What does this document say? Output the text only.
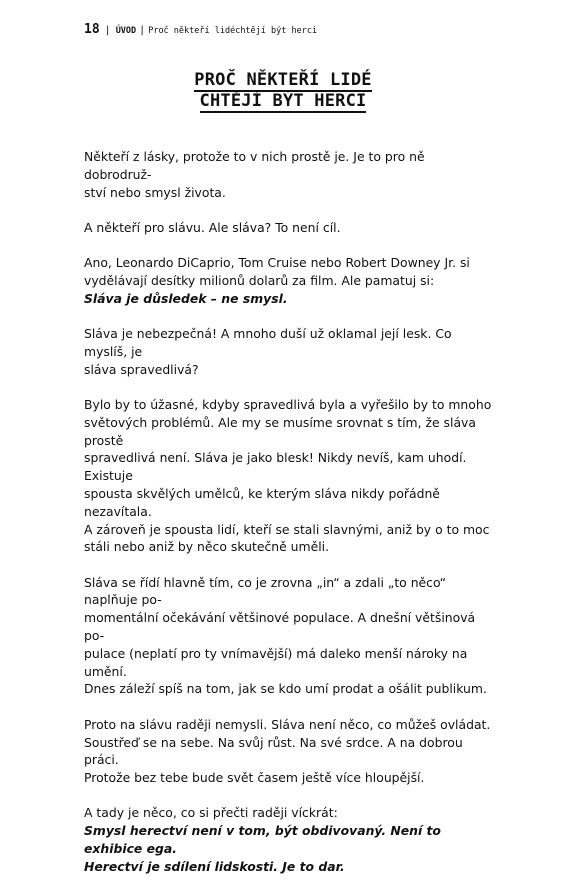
18 | ÚVOD | Proč někteří lidéchtějí být herci
PROČ NĚKTEŘÍ LIDÉ
CHTĚJÍ BÝT HERCI

Někteří z lásky, protože to v nich prostě je. Je to pro ně dobrodruž-
ství nebo smysl života.

A někteří pro slávu. Ale sláva? To není cíl.

Ano, Leonardo DiCaprio, Tom Cruise nebo Robert Downey Jr. si
vydělávají desítky milionů dolarů za film. Ale pamatuj si:
Sláva je důsledek – ne smysl.

Sláva je nebezpečná! A mnoho duší už oklamal její lesk. Co myslíš, je
sláva spravedlivá?

Bylo by to úžasné, kdyby spravedlivá byla a vyřešilo by to mnoho
světových problémů. Ale my se musíme srovnat s tím, že sláva prostě
spravedlivá není. Sláva je jako blesk! Nikdy nevíš, kam uhodí. Existuje
spousta skvělých umělců, ke kterým sláva nikdy pořádně nezavítala.
A zároveň je spousta lidí, kteří se stali slavnými, aniž by o to moc
stáli nebo aniž by něco skutečně uměli.

Sláva se řídí hlavně tím, co je zrovna „in“ a zdali „to něco“ naplňuje po-
momentální očekávání většinové populace. A dnešní většinová po-
pulace (neplatí pro ty vnímavější) má daleko menší nároky na umění.
Dnes záleží spíš na tom, jak se kdo umí prodat a ošálit publikum.

Proto na slávu raději nemysli. Sláva není něco, co můžeš ovládat.
Soustřeď se na sebe. Na svůj růst. Na své srdce. A na dobrou práci.
Protože bez tebe bude svět časem ještě více hloupější.

A tady je něco, co si přečti raději víckrát:
Smysl herectví není v tom, být obdivovaný. Není to exhibice ega.
Herectví je sdílení lidskosti. Je to dar.
